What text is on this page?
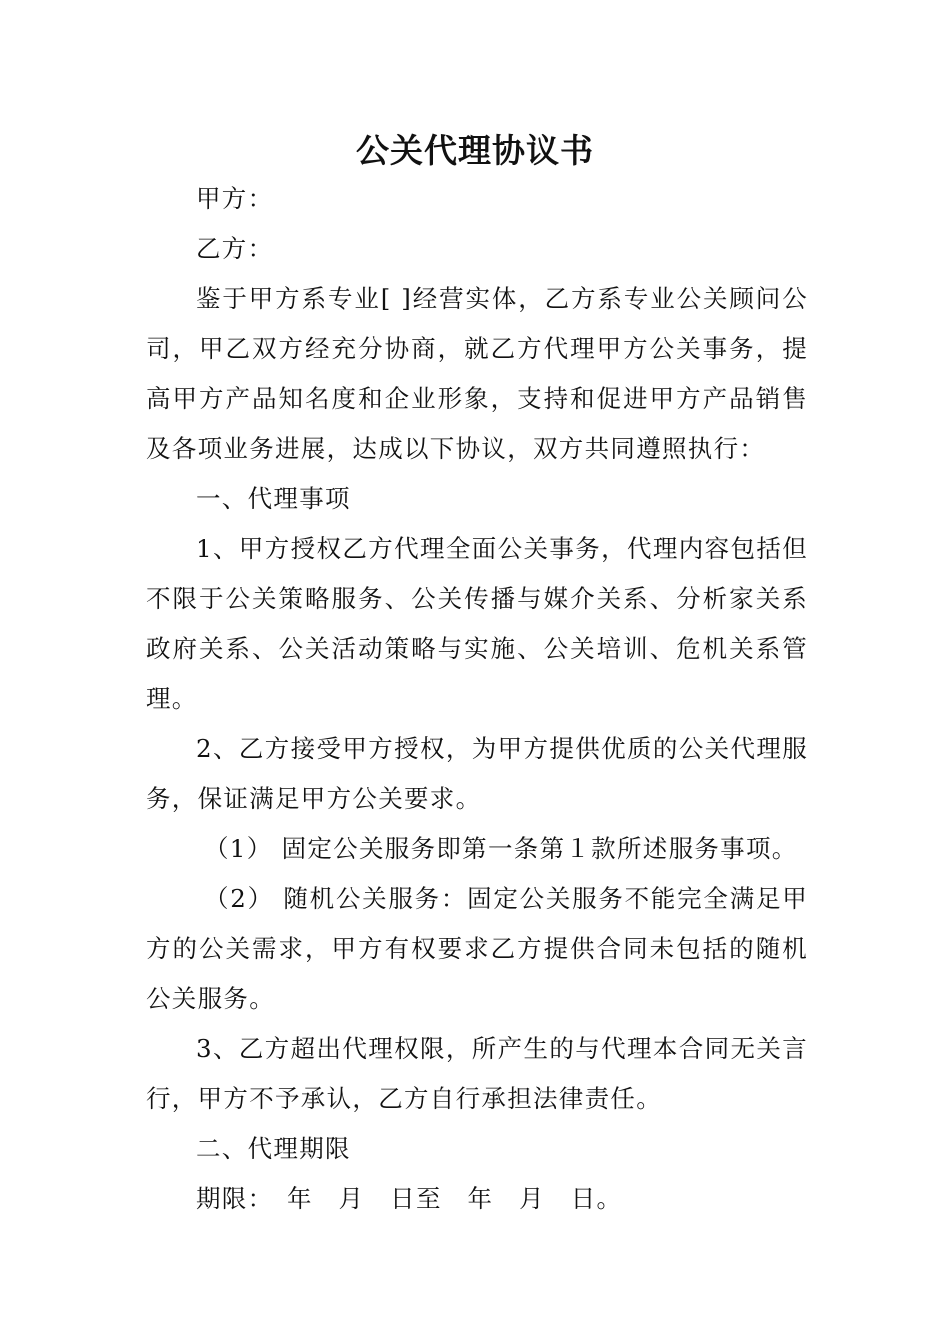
公关代理协议书

甲方：

乙方：

鉴于甲方系专业[ ]经营实体，乙方系专业公关顾问公司，甲乙双方经充分协商，就乙方代理甲方公关事务，提高甲方产品知名度和企业形象，支持和促进甲方产品销售及各项业务进展，达成以下协议，双方共同遵照执行：

一、代理事项

1、甲方授权乙方代理全面公关事务，代理内容包括但不限于公关策略服务、公关传播与媒介关系、分析家关系政府关系、公关活动策略与实施、公关培训、危机关系管理。

2、乙方接受甲方授权，为甲方提供优质的公关代理服务，保证满足甲方公关要求。

（1） 固定公关服务即第一条第１款所述服务事项。

（2） 随机公关服务：固定公关服务不能完全满足甲方的公关需求，甲方有权要求乙方提供合同未包括的随机公关服务。

3、乙方超出代理权限，所产生的与代理本合同无关言行，甲方不予承认，乙方自行承担法律责任。

二、代理期限

期限：　年　月　日至　年　月　日。
